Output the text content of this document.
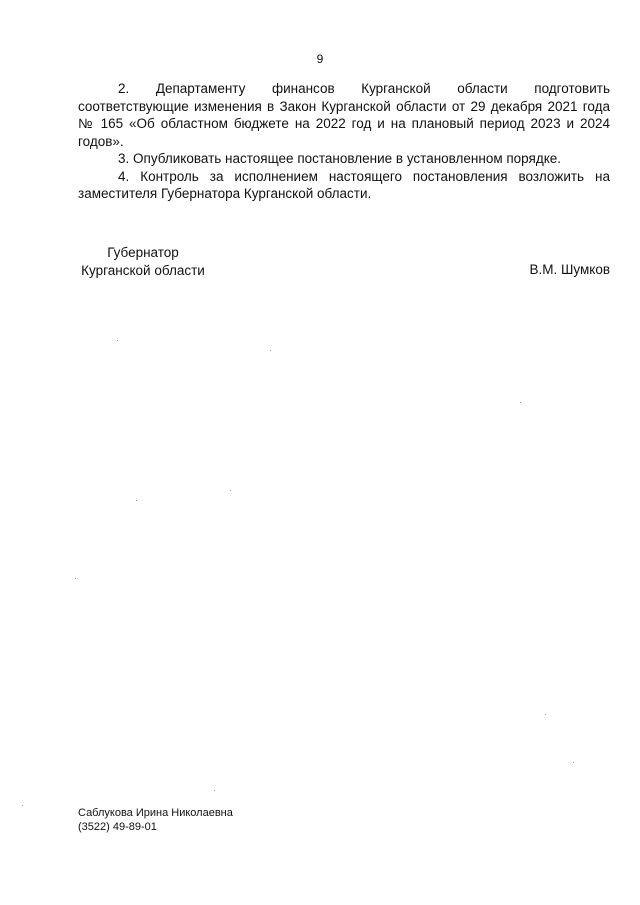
9

2. Департаменту финансов Курганской области подготовить соответствующие изменения в Закон Курганской области от 29 декабря 2021 года № 165 «Об областном бюджете на 2022 год и на плановый период 2023 и 2024 годов».

3. Опубликовать настоящее постановление в установленном порядке.

4. Контроль за исполнением настоящего постановления возложить на заместителя Губернатора Курганской области.

Губернатор
Курганской области	В.М. Шумков
Саблукова Ирина Николаевна
(3522) 49-89-01
